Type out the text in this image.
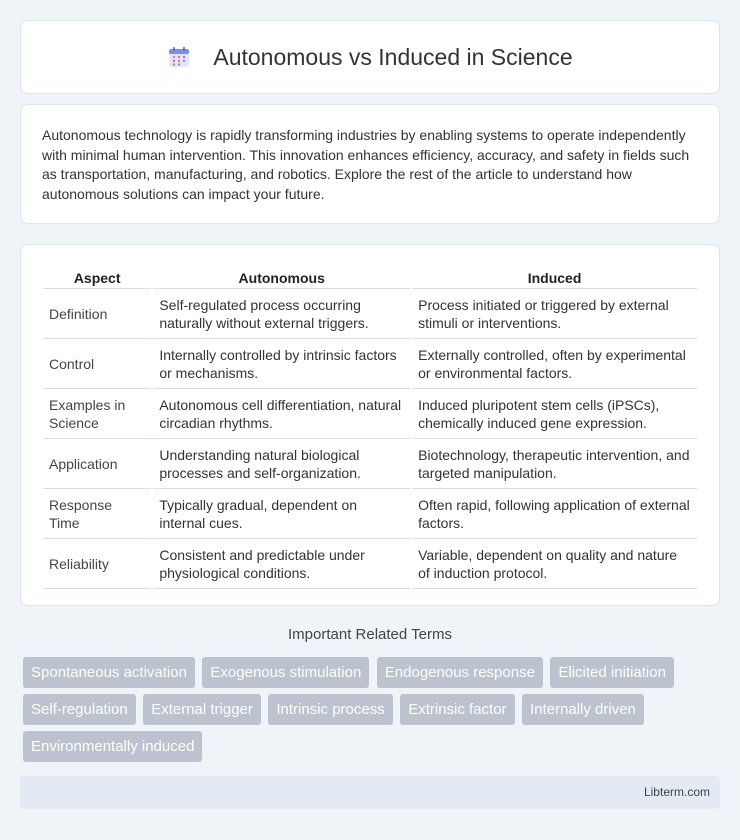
Autonomous vs Induced in Science

Autonomous technology is rapidly transforming industries by enabling systems to operate independently with minimal human intervention. This innovation enhances efficiency, accuracy, and safety in fields such as transportation, manufacturing, and robotics. Explore the rest of the article to understand how autonomous solutions can impact your future.

Aspect	Autonomous	Induced
Definition	Self-regulated process occurring naturally without external triggers.	Process initiated or triggered by external stimuli or interventions.
Control	Internally controlled by intrinsic factors or mechanisms.	Externally controlled, often by experimental or environmental factors.
Examples in Science	Autonomous cell differentiation, natural circadian rhythms.	Induced pluripotent stem cells (iPSCs), chemically induced gene expression.
Application	Understanding natural biological processes and self-organization.	Biotechnology, therapeutic intervention, and targeted manipulation.
Response Time	Typically gradual, dependent on internal cues.	Often rapid, following application of external factors.
Reliability	Consistent and predictable under physiological conditions.	Variable, dependent on quality and nature of induction protocol.
Important Related Terms
Spontaneous activation Exogenous stimulation Endogenous response Elicited initiation Self-regulation External trigger Intrinsic process Extrinsic factor Internally driven Environmentally induced
Libterm.com
